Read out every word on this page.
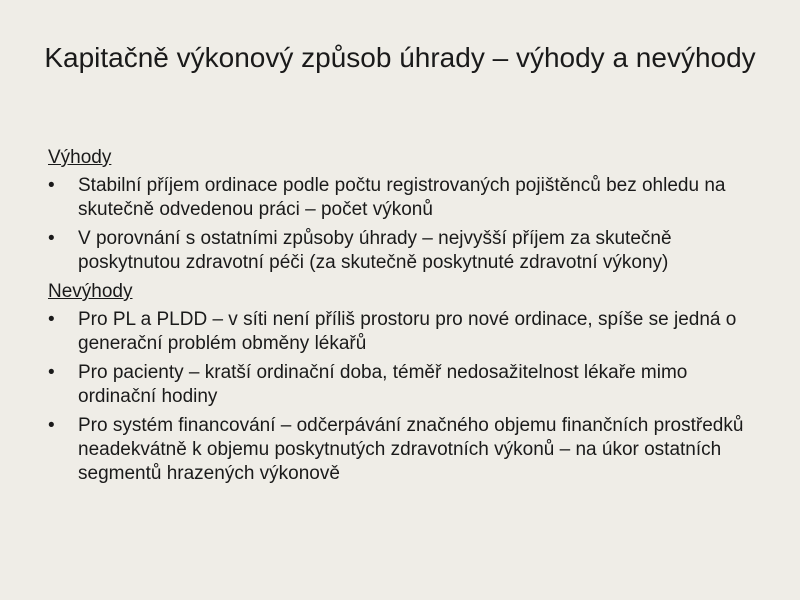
Kapitačně výkonový způsob úhrady – výhody a nevýhody
Výhody
• Stabilní příjem ordinace podle počtu registrovaných pojištěnců bez ohledu na skutečně odvedenou práci – počet výkonů
• V porovnání s ostatními způsoby úhrady – nejvyšší příjem za skutečně poskytnutou zdravotní péči (za skutečně poskytnuté zdravotní výkony)
Nevýhody
• Pro PL a PLDD – v síti není příliš prostoru pro nové ordinace, spíše se jedná o generační problém obměny lékařů
• Pro pacienty – kratší ordinační doba, téměř nedosažitelnost lékaře mimo ordinační hodiny
• Pro systém financování – odčerpávání značného objemu finančních prostředků neadekvátně k objemu poskytnutých zdravotních výkonů – na úkor ostatních segmentů hrazených výkonově
